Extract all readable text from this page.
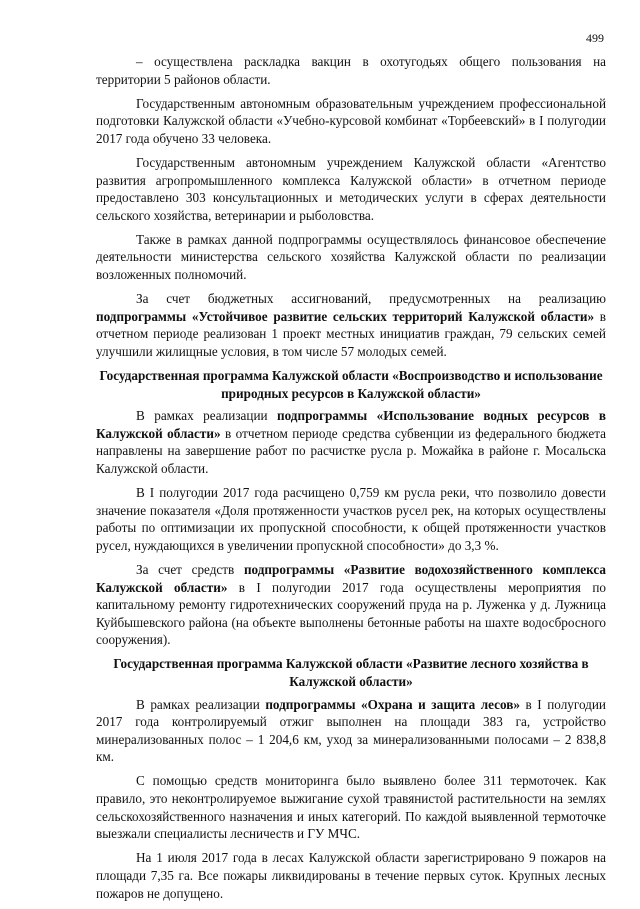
499

– осуществлена раскладка вакцин в охотугодьях общего пользования на территории 5 районов области.

Государственным автономным образовательным учреждением профессиональной подготовки Калужской области «Учебно-курсовой комбинат «Торбеевский» в I полугодии 2017 года обучено 33 человека.

Государственным автономным учреждением Калужской области «Агентство развития агропромышленного комплекса Калужской области» в отчетном периоде предоставлено 303 консультационных и методических услуги в сферах деятельности сельского хозяйства, ветеринарии и рыболовства.

Также в рамках данной подпрограммы осуществлялось финансовое обеспечение деятельности министерства сельского хозяйства Калужской области по реализации возложенных полномочий.

За счет бюджетных ассигнований, предусмотренных на реализацию подпрограммы «Устойчивое развитие сельских территорий Калужской области» в отчетном периоде реализован 1 проект местных инициатив граждан, 79 сельских семей улучшили жилищные условия, в том числе 57 молодых семей.

Государственная программа Калужской области «Воспроизводство и использование природных ресурсов в Калужской области»

В рамках реализации подпрограммы «Использование водных ресурсов в Калужской области» в отчетном периоде средства субвенции из федерального бюджета направлены на завершение работ по расчистке русла р. Можайка в районе г. Мосальска Калужской области.

В I полугодии 2017 года расчищено 0,759 км русла реки, что позволило довести значение показателя «Доля протяженности участков русел рек, на которых осуществлены работы по оптимизации их пропускной способности, к общей протяженности участков русел, нуждающихся в увеличении пропускной способности» до 3,3 %.

За счет средств подпрограммы «Развитие водохозяйственного комплекса Калужской области» в I полугодии 2017 года осуществлены мероприятия по капитальному ремонту гидротехнических сооружений пруда на р. Луженка у д. Лужница Куйбышевского района (на объекте выполнены бетонные работы на шахте водосбросного сооружения).

Государственная программа Калужской области «Развитие лесного хозяйства в Калужской области»

В рамках реализации подпрограммы «Охрана и защита лесов» в I полугодии 2017 года контролируемый отжиг выполнен на площади 383 га, устройство минерализованных полос – 1 204,6 км, уход за минерализованными полосами – 2 838,8 км.

С помощью средств мониторинга было выявлено более 311 термоточек. Как правило, это неконтролируемое выжигание сухой травянистой растительности на землях сельскохозяйственного назначения и иных категорий. По каждой выявленной термоточке выезжали специалисты лесничеств и ГУ МЧС.

На 1 июля 2017 года в лесах Калужской области зарегистрировано 9 пожаров на площади 7,35 га. Все пожары ликвидированы в течение первых суток. Крупных лесных пожаров не допущено.
